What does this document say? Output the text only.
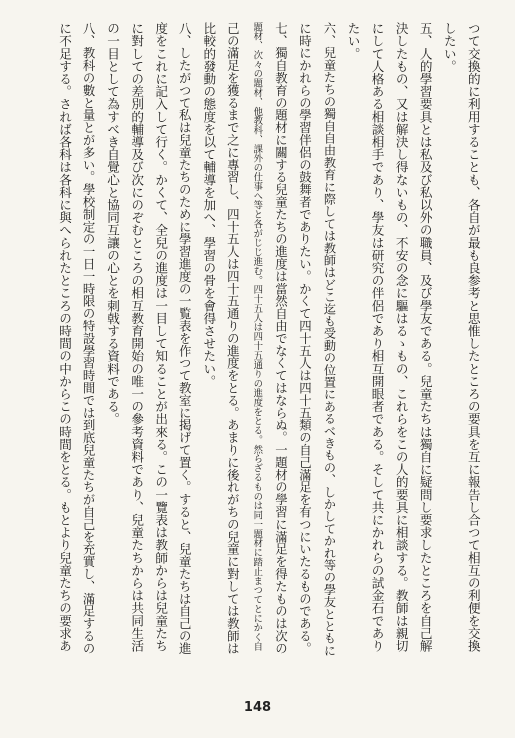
つて交換的に利用することも、各自が最も良参考と思惟したところの要具を互に報告し合つて相互の利便を交換
したい。
五、人的學習要具とは私及び私以外の職員、及び學友である。兒童たちは獨自に疑問し要求したところを自己解
決したもの、又は解決し得ないもの、不安の念に驅はるゝもの、これらをこの人的要具に相談する。教師は親切
にして人格ある相談相手であり、學友は研究の伴侶であり相互開眼者である。そして共にかれらの試金石であり
たい。
六、兒童たちの獨自自由教育に際しては教師はどこ迄も受動の位置にあるべきもの、しかしてかれ等の學友とともに
に時にかれらの學習伴侶の鼓舞者でありたい。かくて四十五人は四十五類の自己滿足を有つにいたるものである。
七、獨自教育の題材に關する兒童たちの進度は當然自由でなくてはならぬ。一題材の學習に滿足を得たものは次の
題材、次々の題材、他教科、課外の仕事へ等と各がじじ進む。四十五人は四十五通りの進度をとる。然らざるものは同一題材に踏止まつてとにかく自
己の滿足を獲るまで之に專習し、四十五人は四十五通りの進度をとる。あまりに後れがちの兒童に對しては教師は
比較的發動の態度を以て輔導を加へ、學習の骨を會得させたい。
八、したがつて私は兒童たちのために學習進度の一覧表を作つて教室に掲げて置く。すると、兒童たちは自己の進
度をこれに記入して行く。かくて、全兒の進度は一目して知ることが出來る。この一覽表は教師からは兒童たち
に對しての差別的輔導及び次にのぞむところの相互教育開始の唯一の參考資料であり、兒童たちからは共同生活
の一目として為すべき自覺心と協同互讓の心とを刺戟する資料である。
八、教科の數と量とが多い。學校制定の一日一時限の特設學習時間では到底兒童たちが自己を充實し、滿足するの
に不足する。されば各科は各科に與へられたところの時間の中からこの時間をとる。もとより兒童たちの要求あ
148
